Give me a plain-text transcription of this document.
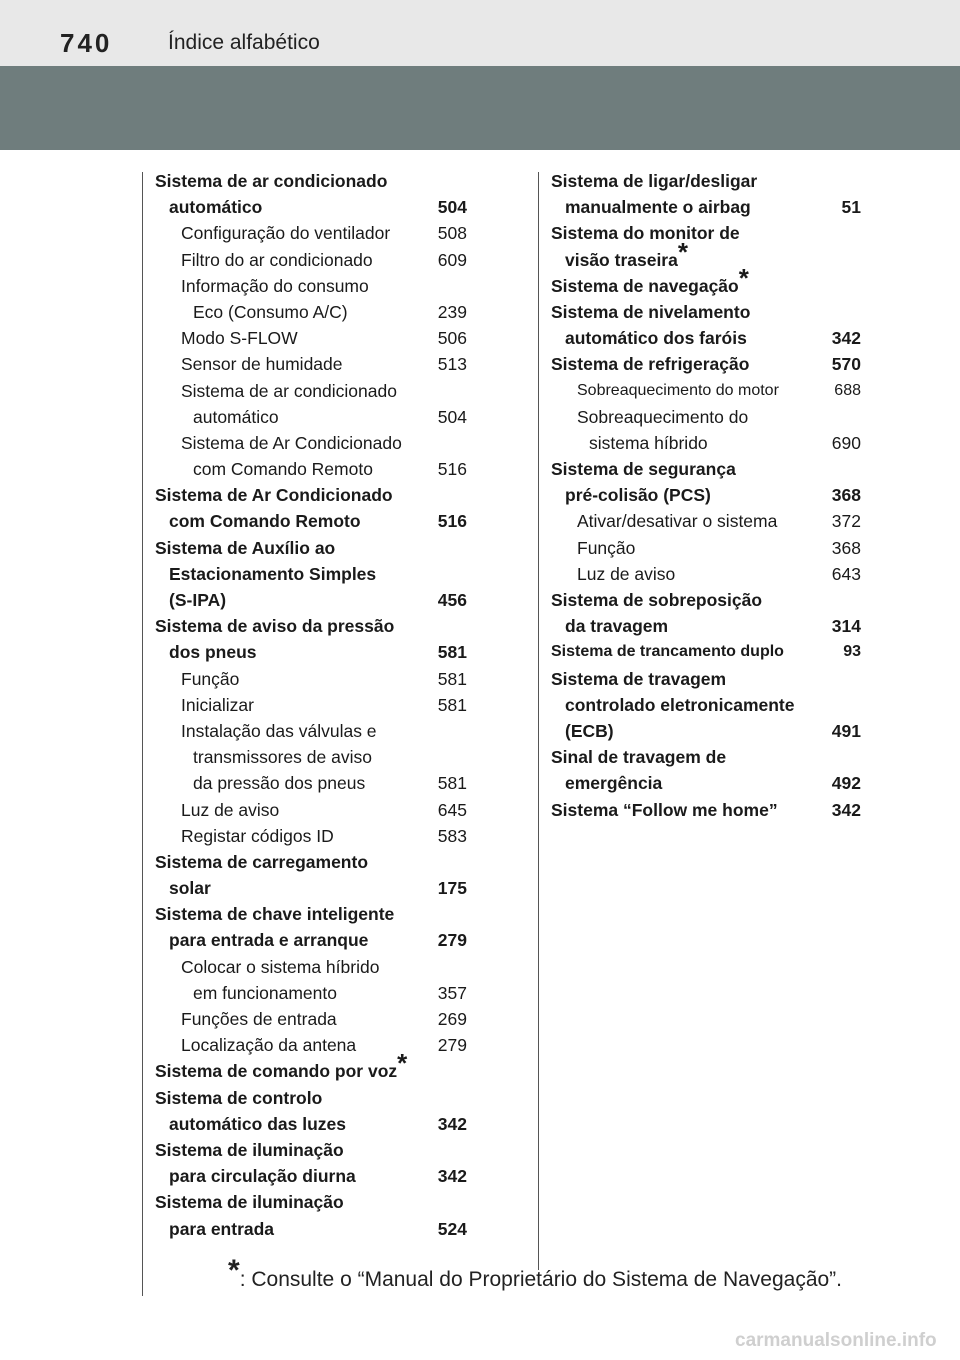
740	Índice alfabético
Sistema de ar condicionado
automático	504
Configuração do ventilador	508
Filtro do ar condicionado	609
Informação do consumo
Eco (Consumo A/C)	239
Modo S-FLOW	506
Sensor de humidade	513
Sistema de ar condicionado
automático	504
Sistema de Ar Condicionado
com Comando Remoto	516
Sistema de Ar Condicionado
com Comando Remoto	516
Sistema de Auxílio ao
Estacionamento Simples
(S-IPA)	456
Sistema de aviso da pressão
dos pneus	581
Função	581
Inicializar	581
Instalação das válvulas e
transmissores de aviso
da pressão dos pneus	581
Luz de aviso	645
Registar códigos ID	583
Sistema de carregamento
solar	175
Sistema de chave inteligente
para entrada e arranque	279
Colocar o sistema híbrido
em funcionamento	357
Funções de entrada	269
Localização da antena	279
Sistema de comando por voz*
Sistema de controlo
automático das luzes	342
Sistema de iluminação
para circulação diurna	342
Sistema de iluminação
para entrada	524
Sistema de ligar/desligar
manualmente o airbag	51
Sistema do monitor de
visão traseira*
Sistema de navegação*
Sistema de nivelamento
automático dos faróis	342
Sistema de refrigeração	570
Sobreaquecimento do motor	688
Sobreaquecimento do
sistema híbrido	690
Sistema de segurança
pré-colisão (PCS)	368
Ativar/desativar o sistema	372
Função	368
Luz de aviso	643
Sistema de sobreposição
da travagem	314
Sistema de trancamento duplo	93
Sistema de travagem
controlado eletronicamente
(ECB)	491
Sinal de travagem de
emergência	492
Sistema “Follow me home”	342
*: Consulte o “Manual do Proprietário do Sistema de Navegação”.
carmanualsonline.info
